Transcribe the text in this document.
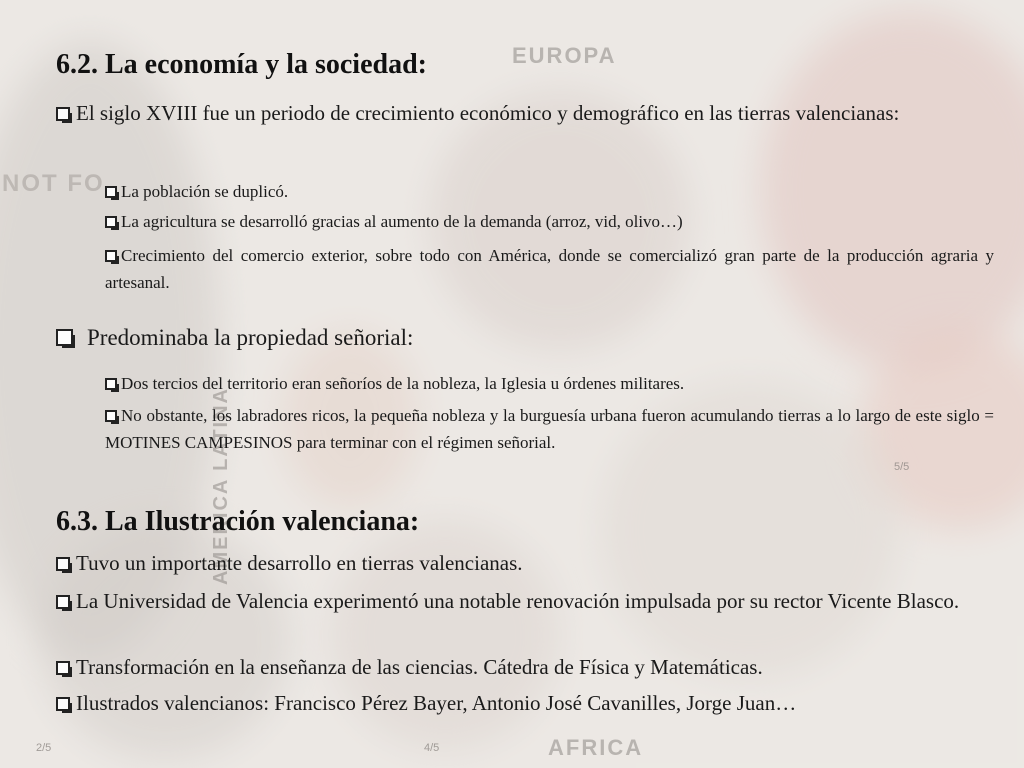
EUROPA
AFRICA
AMERICA LATINA
NOT FO
2/5	4/5
5/5
6.2. La economía y la sociedad:
El siglo XVIII fue un periodo de crecimiento económico y demográfico en las tierras valencianas:
La población se duplicó.
La agricultura se desarrolló gracias al aumento de la demanda (arroz, vid, olivo…)
Crecimiento del comercio exterior, sobre todo con América, donde se comercializó gran parte de la producción agraria y artesanal.
Predominaba la propiedad señorial:
Dos tercios del territorio eran señoríos de la nobleza, la Iglesia u órdenes militares.
No obstante, los labradores ricos, la pequeña nobleza y la burguesía urbana fueron acumulando tierras a lo largo de este siglo = MOTINES CAMPESINOS para terminar con el régimen señorial.
6.3. La Ilustración valenciana:
Tuvo un importante desarrollo en tierras valencianas.
La Universidad de Valencia experimentó una notable renovación impulsada por su rector Vicente Blasco.
Transformación en la enseñanza de las ciencias. Cátedra de Física y Matemáticas.
Ilustrados valencianos: Francisco Pérez Bayer, Antonio José Cavanilles, Jorge Juan…
